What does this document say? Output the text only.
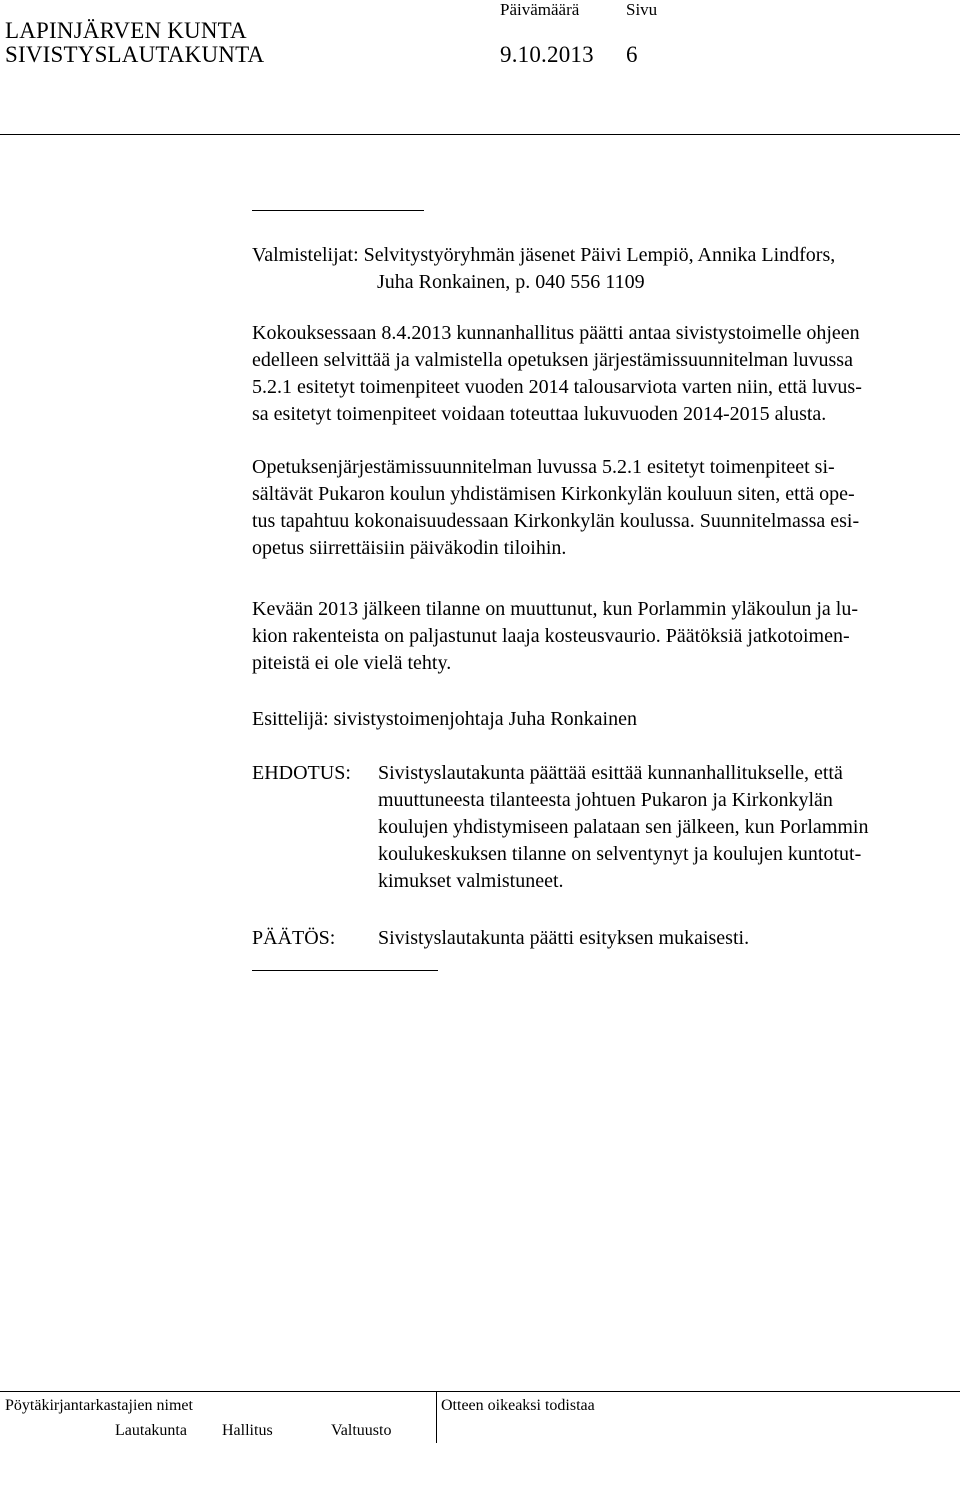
LAPINJÄRVEN KUNTA
SIVISTYSLAUTAKUNTA
Päivämäärä	Sivu
9.10.2013 6
Valmistelijat: Selvitystyöryhmän jäsenet Päivi Lempiö, Annika Lindfors,
Juha Ronkainen, p. 040 556 1109
Kokouksessaan 8.4.2013 kunnanhallitus päätti antaa sivistystoimelle ohjeen
edelleen selvittää ja valmistella opetuksen järjestämissuunnitelman luvussa
5.2.1 esitetyt toimenpiteet vuoden 2014 talousarviota varten niin, että luvus-
sa esitetyt toimenpiteet voidaan toteuttaa lukuvuoden 2014-2015 alusta.
Opetuksenjärjestämissuunnitelman luvussa 5.2.1 esitetyt toimenpiteet si-
sältävät Pukaron koulun yhdistämisen Kirkonkylän kouluun siten, että ope-
tus tapahtuu kokonaisuudessaan Kirkonkylän koulussa. Suunnitelmassa esi-
opetus siirrettäisiin päiväkodin tiloihin.
Kevään 2013 jälkeen tilanne on muuttunut, kun Porlammin yläkoulun ja lu-
kion rakenteista on paljastunut laaja kosteusvaurio. Päätöksiä jatkotoimen-
piteistä ei ole vielä tehty.
Esittelijä: sivistystoimenjohtaja Juha Ronkainen
EHDOTUS: Sivistyslautakunta päättää esittää kunnanhallitukselle, että
muuttuneesta tilanteesta johtuen Pukaron ja Kirkonkylän
koulujen yhdistymiseen palataan sen jälkeen, kun Porlammin
koulukeskuksen tilanne on selventynyt ja koulujen kuntotut-
kimukset valmistuneet.
PÄÄTÖS: Sivistyslautakunta päätti esityksen mukaisesti.
Pöytäkirjantarkastajien nimet	Otteen oikeaksi todistaa
Lautakunta Hallitus	Valtuusto
